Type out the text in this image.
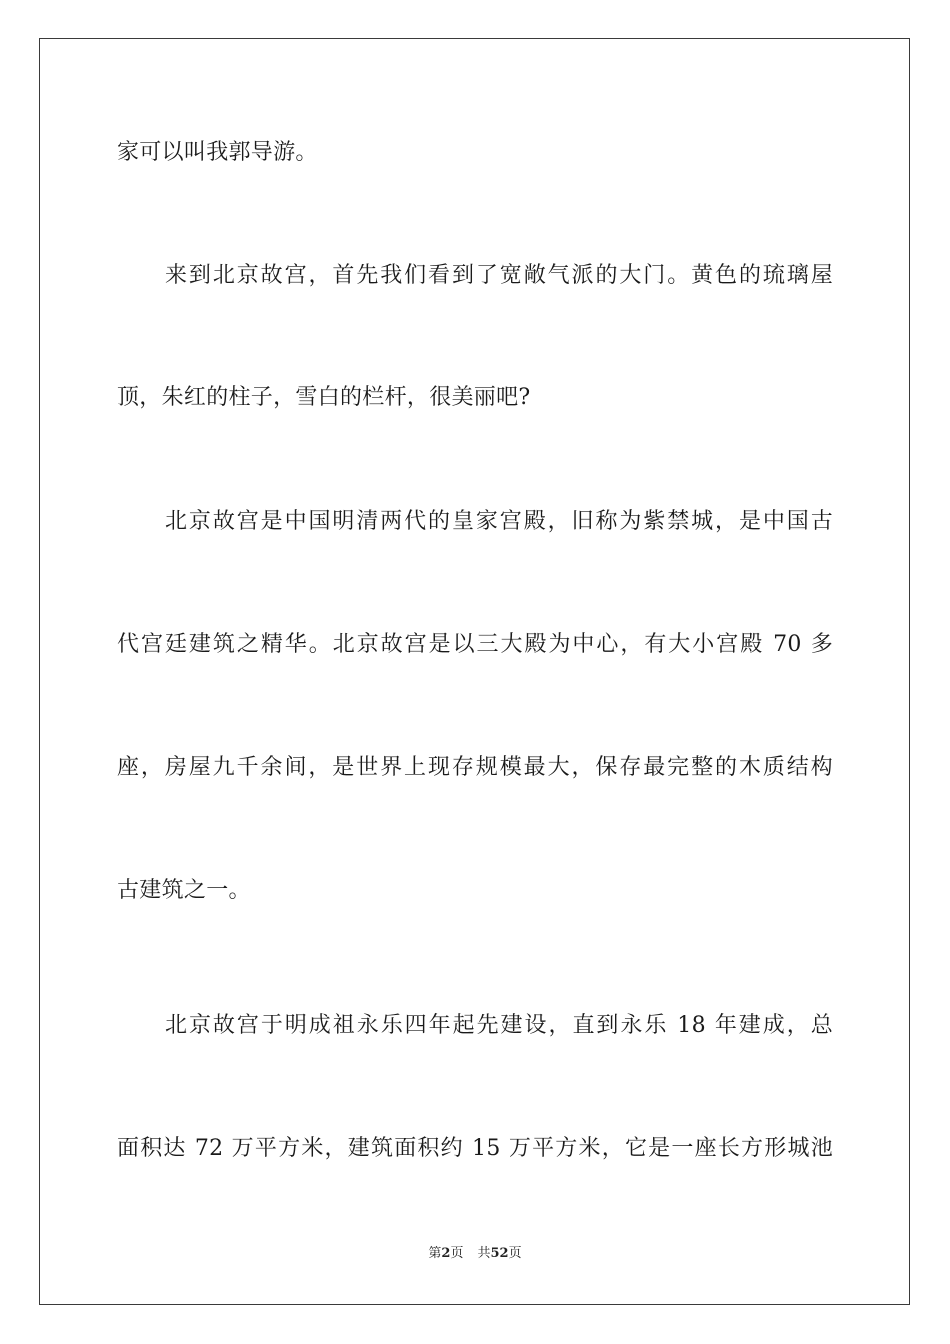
家可以叫我郭导游。

来到北京故宫，首先我们看到了宽敞气派的大门。黄色的琉璃屋

顶，朱红的柱子，雪白的栏杆，很美丽吧?

北京故宫是中国明清两代的皇家宫殿，旧称为紫禁城，是中国古

代宫廷建筑之精华。北京故宫是以三大殿为中心，有大小宫殿 70 多

座，房屋九千余间，是世界上现存规模最大，保存最完整的木质结构

古建筑之一。

北京故宫于明成祖永乐四年起先建设，直到永乐 18 年建成，总

面积达 72 万平方米，建筑面积约 15 万平方米，它是一座长方形城池

第2页 共52页
